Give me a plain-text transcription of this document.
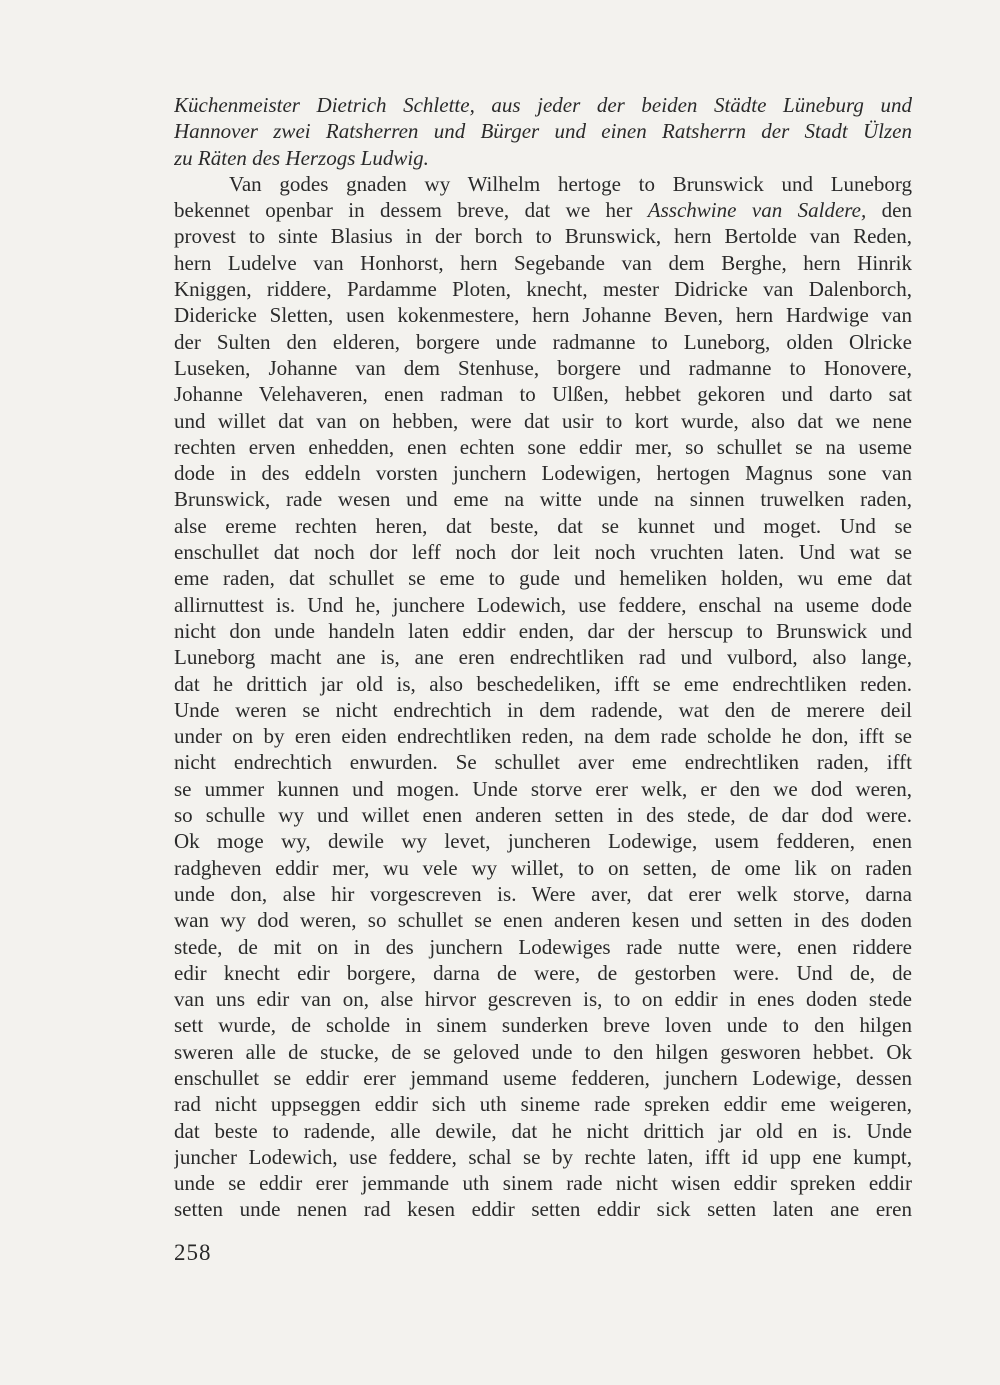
Küchenmeister Dietrich Schlette, aus jeder der beiden Städte Lüneburg und
Hannover zwei Ratsherren und Bürger und einen Ratsherrn der Stadt Ülzen
zu Räten des Herzogs Ludwig.
Van godes gnaden wy Wilhelm hertoge to Brunswick und Luneborg
bekennet openbar in dessem breve, dat we her Asschwine van Saldere, den
provest to sinte Blasius in der borch to Brunswick, hern Bertolde van Reden,
hern Ludelve van Honhorst, hern Segebande van dem Berghe, hern Hinrik
Kniggen, riddere, Pardamme Ploten, knecht, mester Didricke van Dalenborch,
Didericke Sletten, usen kokenmestere, hern Johanne Beven, hern Hardwige van
der Sulten den elderen, borgere unde radmanne to Luneborg, olden Olricke
Luseken, Johanne van dem Stenhuse, borgere und radmanne to Honovere,
Johanne Velehaveren, enen radman to Ulßen, hebbet gekoren und darto sat
und willet dat van on hebben, were dat usir to kort wurde, also dat we nene
rechten erven enhedden, enen echten sone eddir mer, so schullet se na useme
dode in des eddeln vorsten junchern Lodewigen, hertogen Magnus sone van
Brunswick, rade wesen und eme na witte unde na sinnen truwelken raden,
alse ereme rechten heren, dat beste, dat se kunnet und moget. Und se
enschullet dat noch dor leff noch dor leit noch vruchten laten. Und wat se
eme raden, dat schullet se eme to gude und hemeliken holden, wu eme dat
allirnuttest is. Und he, junchere Lodewich, use feddere, enschal na useme dode
nicht don unde handeln laten eddir enden, dar der herscup to Brunswick und
Luneborg macht ane is, ane eren endrechtliken rad und vulbord, also lange,
dat he drittich jar old is, also beschedeliken, ifft se eme endrechtliken reden.
Unde weren se nicht endrechtich in dem radende, wat den de merere deil
under on by eren eiden endrechtliken reden, na dem rade scholde he don, ifft se
nicht endrechtich enwurden. Se schullet aver eme endrechtliken raden, ifft
se ummer kunnen und mogen. Unde storve erer welk, er den we dod weren,
so schulle wy und willet enen anderen setten in des stede, de dar dod were.
Ok moge wy, dewile wy levet, juncheren Lodewige, usem fedderen, enen
radgheven eddir mer, wu vele wy willet, to on setten, de ome lik on raden
unde don, alse hir vorgescreven is. Were aver, dat erer welk storve, darna
wan wy dod weren, so schullet se enen anderen kesen und setten in des doden
stede, de mit on in des junchern Lodewiges rade nutte were, enen riddere
edir knecht edir borgere, darna de were, de gestorben were. Und de, de
van uns edir van on, alse hirvor gescreven is, to on eddir in enes doden stede
sett wurde, de scholde in sinem sunderken breve loven unde to den hilgen
sweren alle de stucke, de se geloved unde to den hilgen gesworen hebbet. Ok
enschullet se eddir erer jemmand useme fedderen, junchern Lodewige, dessen
rad nicht uppseggen eddir sich uth sineme rade spreken eddir eme weigeren,
dat beste to radende, alle dewile, dat he nicht drittich jar old en is. Unde
juncher Lodewich, use feddere, schal se by rechte laten, ifft id upp ene kumpt,
unde se eddir erer jemmande uth sinem rade nicht wisen eddir spreken eddir
setten unde nenen rad kesen eddir setten eddir sick setten laten ane eren
258
